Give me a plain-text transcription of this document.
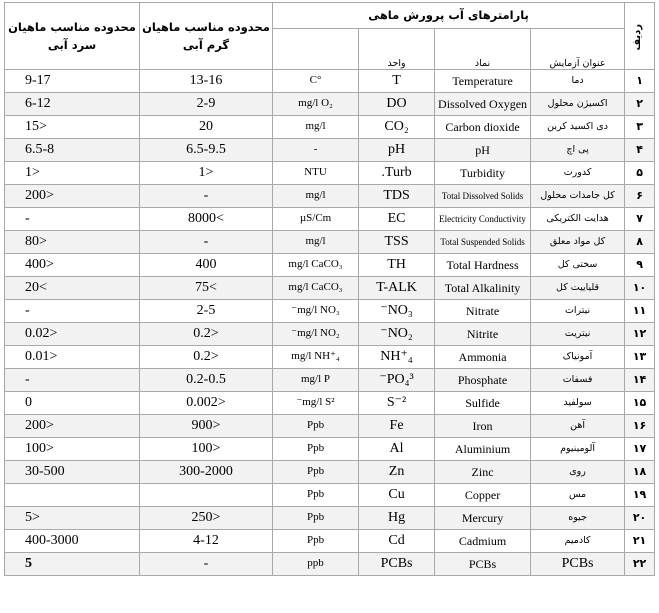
ردیف	پارامترهای آب پرورش ماهی				محدوده مناسب ماهیان گرم آبی	محدوده مناسب ماهیان سرد آبی
	عنوان آزمایش	نماد	واحد			
۱	دما	Temperature	T	°C	13-16	9-17
۲	اکسیژن محلول	Dissolved Oxygen	DO	mg/l O₂	2-9	6-12
۳	دی اکسید کربن	Carbon dioxide	CO₂	mg/l	20	<15
۴	پی اچ	pH	pH	-	6.5-9.5	6.5-8
۵	کدورت	Turbidity	Turb.	NTU	<1	<1
۶	کل جامدات محلول	Total Dissolved Solids	TDS	mg/l	-	<200
۷	هدایت الکتریکی	Electricity Conductivity	EC	µS/Cm	>8000	-
۸	کل مواد معلق	Total Suspended Solids	TSS	mg/l	-	<80
۹	سختی کل	Total Hardness	TH	mg/l CaCO₃	400	<400
۱۰	قلیاییت کل	Total Alkalinity	T-ALK	mg/l CaCO₃	>75	>20
۱۱	نیترات	Nitrate	NO₃⁻	mg/l NO₃⁻	2-5	-
۱۲	نیتریت	Nitrite	NO₂⁻	mg/l NO₂⁻	<0.2	<0.02
۱۳	آمونیاک	Ammonia	NH⁺₄	mg/l NH⁺₄	<0.2	<0.01
۱۴	فسفات	Phosphate	PO₄³⁻	mg/l P	0.2-0.5	-
۱۵	سولفید	Sulfide	S⁻²	mg/l S²⁻	<0.002	0
۱۶	آهن	Iron	Fe	Ppb	<900	<200
۱۷	آلومینیوم	Aluminium	Al	Ppb	<100	<100
۱۸	روی	Zinc	Zn	Ppb	300-2000	30-500
۱۹	مس	Copper	Cu	Ppb		
۲۰	جیوه	Mercury	Hg	Ppb	<250	<5
۲۱	کادمیم	Cadmium	Cd	Ppb	4-12	400-3000
۲۲	PCBs	PCBs	PCBs	ppb	-	5
